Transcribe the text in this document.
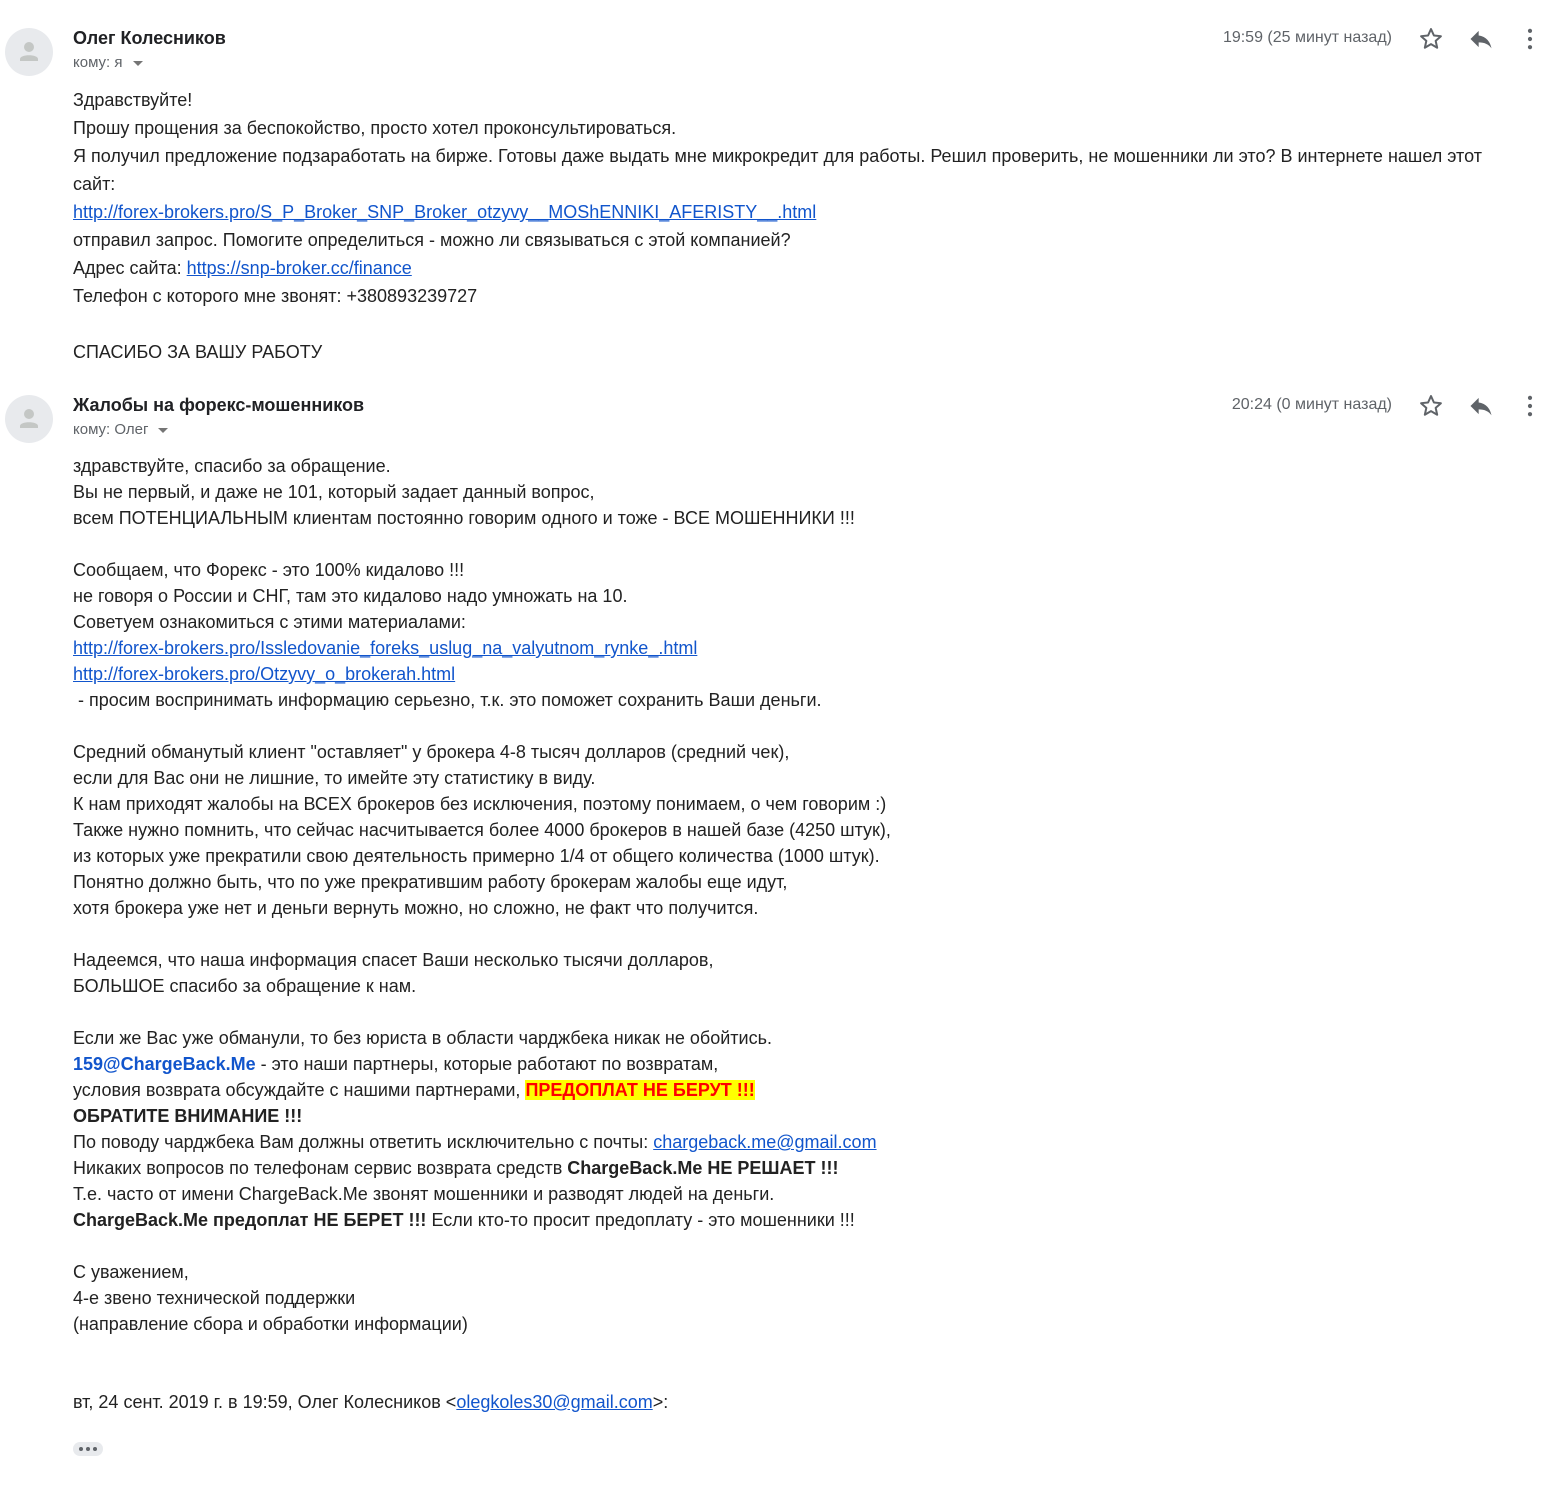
Олег Колесников
кому: я
19:59 (25 минут назад)
Здравствуйте!
Прошу прощения за беспокойство, просто хотел проконсультироваться.
Я получил предложение подзаработать на бирже. Готовы даже выдать мне микрокредит для работы. Решил проверить, не мошенники ли это? В интернете нашел этот сайт:
http://forex-brokers.pro/S_P_Broker_SNP_Broker_otzyvy__MOShENNIKI_AFERISTY__.html
отправил запрос. Помогите определиться - можно ли связываться с этой компанией?
Адрес сайта: https://snp-broker.cc/finance
Телефон с которого мне звонят: +380893239727
СПАСИБО ЗА ВАШУ РАБОТУ
Жалобы на форекс-мошенников
кому: Олег
20:24 (0 минут назад)
здравствуйте, спасибо за обращение.
Вы не первый, и даже не 101, который задает данный вопрос,
всем ПОТЕНЦИАЛЬНЫМ клиентам постоянно говорим одного и тоже - ВСЕ МОШЕННИКИ !!!
Сообщаем, что Форекс - это 100% кидалово !!!
не говоря о России и СНГ, там это кидалово надо умножать на 10.
Советуем ознакомиться с этими материалами:
http://forex-brokers.pro/Issledovanie_foreks_uslug_na_valyutnom_rynke_.html
http://forex-brokers.pro/Otzyvy_o_brokerah.html
- просим воспринимать информацию серьезно, т.к. это поможет сохранить Ваши деньги.
Средний обманутый клиент "оставляет" у брокера 4-8 тысяч долларов (средний чек),
если для Вас они не лишние, то имейте эту статистику в виду.
К нам приходят жалобы на ВСЕХ брокеров без исключения, поэтому понимаем, о чем говорим :)
Также нужно помнить, что сейчас насчитывается более 4000 брокеров в нашей базе (4250 штук),
из которых уже прекратили свою деятельность примерно 1/4 от общего количества (1000 штук).
Понятно должно быть, что по уже прекратившим работу брокерам жалобы еще идут,
хотя брокера уже нет и деньги вернуть можно, но сложно, не факт что получится.
Надеемся, что наша информация спасет Ваши несколько тысячи долларов,
БОЛЬШОЕ спасибо за обращение к нам.
Если же Вас уже обманули, то без юриста в области чарджбека никак не обойтись.
159@ChargeBack.Me - это наши партнеры, которые работают по возвратам,
условия возврата обсуждайте с нашими партнерами, ПРЕДОПЛАТ НЕ БЕРУТ !!!
ОБРАТИТЕ ВНИМАНИЕ !!!
По поводу чарджбека Вам должны ответить исключительно с почты: chargeback.me@gmail.com
Никаких вопросов по телефонам сервис возврата средств ChargeBack.Me НЕ РЕШАЕТ !!!
Т.е. часто от имени ChargeBack.Me звонят мошенники и разводят людей на деньги.
ChargeBack.Me предоплат НЕ БЕРЕТ !!! Если кто-то просит предоплату - это мошенники !!!
С уважением,
4-е звено технической поддержки
(направление сбора и обработки информации)
вт, 24 сент. 2019 г. в 19:59, Олег Колесников <olegkoles30@gmail.com>:
